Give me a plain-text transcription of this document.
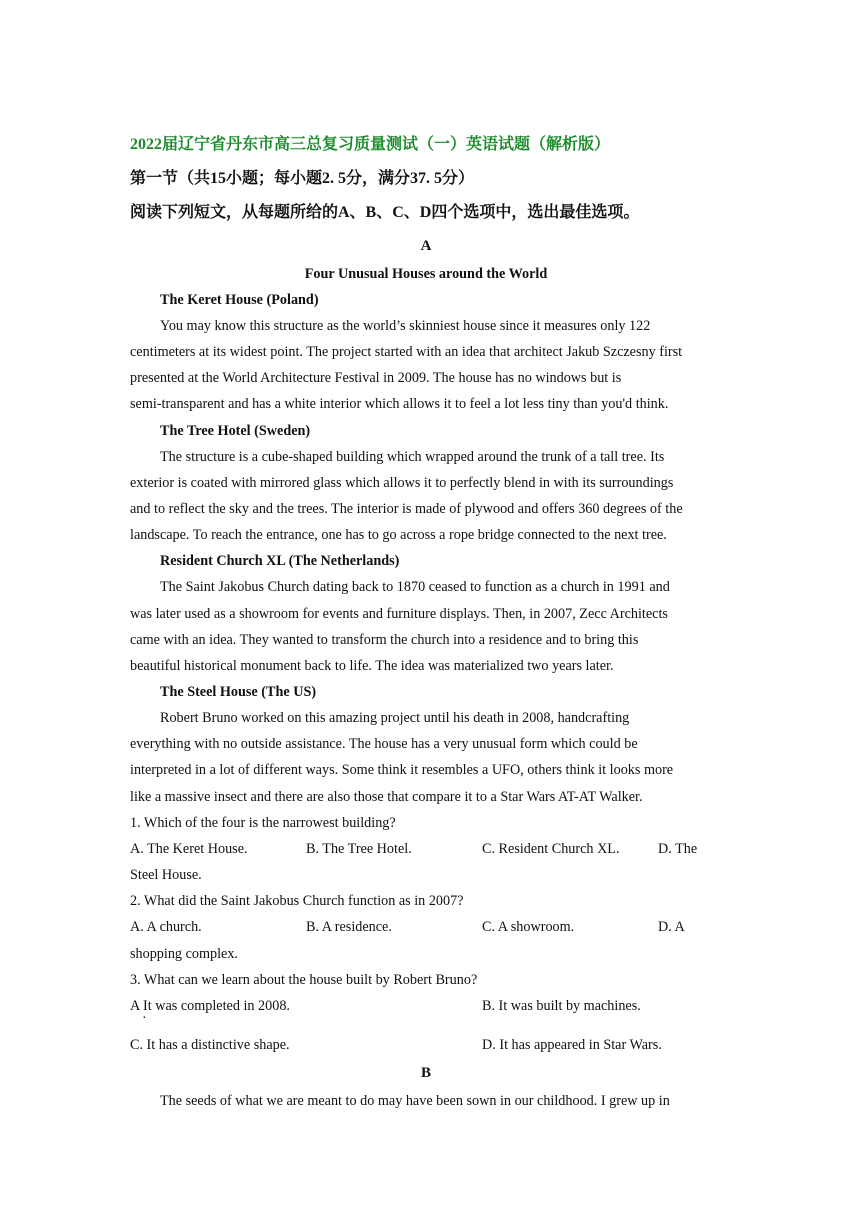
2022届辽宁省丹东市高三总复习质量测试（一）英语试题（解析版）
第一节（共15小题；每小题2. 5分，满分37. 5分）
阅读下列短文，从每题所给的A、B、C、D四个选项中，选出最佳选项。
A
Four Unusual Houses around the World
The Keret House (Poland)
You may know this structure as the world’s skinniest house since it measures only 122
centimeters at its widest point. The project started with an idea that architect Jakub Szczesny first
presented at the World Architecture Festival in 2009. The house has no windows but is
semi-transparent and has a white interior which allows it to feel a lot less tiny than you'd think.
The Tree Hotel (Sweden)
The structure is a cube-shaped building which wrapped around the trunk of a tall tree. Its
exterior is coated with mirrored glass which allows it to perfectly blend in with its surroundings
and to reflect the sky and the trees. The interior is made of plywood and offers 360 degrees of the
landscape. To reach the entrance, one has to go across a rope bridge connected to the next tree.
Resident Church XL (The Netherlands)
The Saint Jakobus Church dating back to 1870 ceased to function as a church in 1991 and
was later used as a showroom for events and furniture displays. Then, in 2007, Zecc Architects
came with an idea. They wanted to transform the church into a residence and to bring this
beautiful historical monument back to life. The idea was materialized two years later.
The Steel House (The US)
Robert Bruno worked on this amazing project until his death in 2008, handcrafting
everything with no outside assistance. The house has a very unusual form which could be
interpreted in a lot of different ways. Some think it resembles a UFO, others think it looks more
like a massive insect and there are also those that compare it to a Star Wars AT-AT Walker.
1. Which of the four is the narrowest building?
A. The Keret House.	B. The Tree Hotel.	C. Resident Church XL.	D. The
Steel House.
2. What did the Saint Jakobus Church function as in 2007?
A. A church.	B. A residence.	C. A showroom.	D. A
shopping complex.
3. What can we learn about the house built by Robert Bruno?
A It was completed in 2008.
·
B. It was built by machines.
C. It has a distinctive shape.	D. It has appeared in Star Wars.
B
The seeds of what we are meant to do may have been sown in our childhood. I grew up in
